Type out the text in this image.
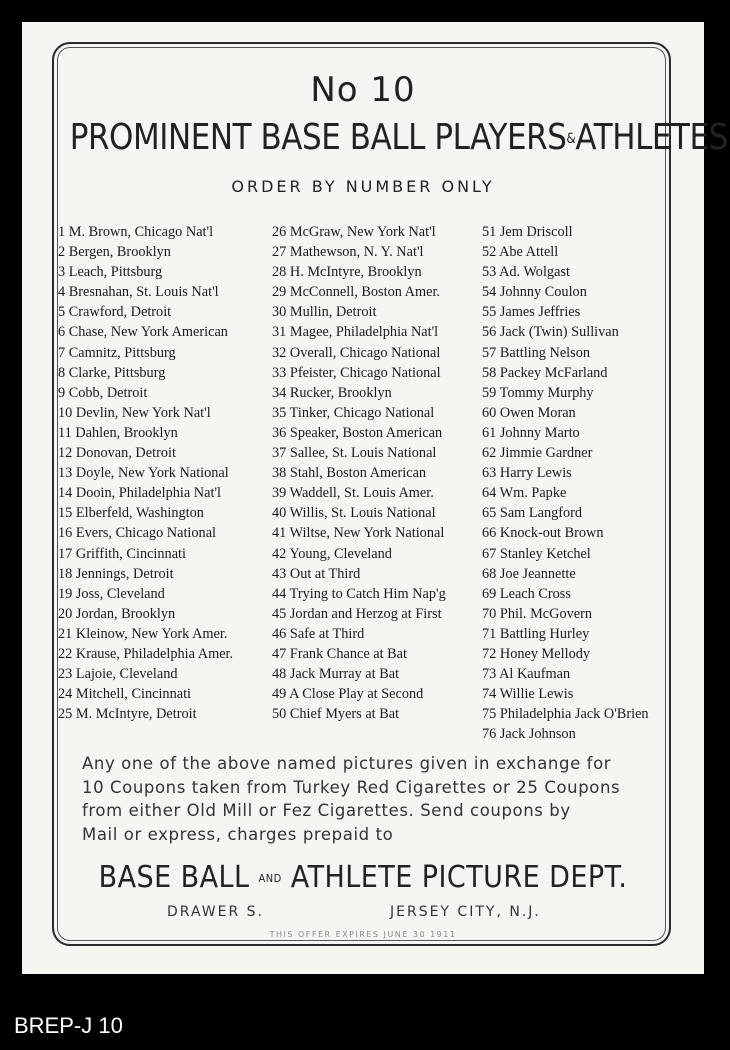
No 10
PROMINENT BASE BALL PLAYERS&ATHLETES
ORDER BY NUMBER ONLY
1 M. Brown, Chicago Nat'l
2 Bergen, Brooklyn
3 Leach, Pittsburg
4 Bresnahan, St. Louis Nat'l
5 Crawford, Detroit
6 Chase, New York American
7 Camnitz, Pittsburg
8 Clarke, Pittsburg
9 Cobb, Detroit
10 Devlin, New York Nat'l
11 Dahlen, Brooklyn
12 Donovan, Detroit
13 Doyle, New York National
14 Dooin, Philadelphia Nat'l
15 Elberfeld, Washington
16 Evers, Chicago National
17 Griffith, Cincinnati
18 Jennings, Detroit
19 Joss, Cleveland
20 Jordan, Brooklyn
21 Kleinow, New York Amer.
22 Krause, Philadelphia Amer.
23 Lajoie, Cleveland
24 Mitchell, Cincinnati
25 M. McIntyre, Detroit
26 McGraw, New York Nat'l
27 Mathewson, N. Y. Nat'l
28 H. McIntyre, Brooklyn
29 McConnell, Boston Amer.
30 Mullin, Detroit
31 Magee, Philadelphia Nat'l
32 Overall, Chicago National
33 Pfeister, Chicago National
34 Rucker, Brooklyn
35 Tinker, Chicago National
36 Speaker, Boston American
37 Sallee, St. Louis National
38 Stahl, Boston American
39 Waddell, St. Louis Amer.
40 Willis, St. Louis National
41 Wiltse, New York National
42 Young, Cleveland
43 Out at Third
44 Trying to Catch Him Nap'g
45 Jordan and Herzog at First
46 Safe at Third
47 Frank Chance at Bat
48 Jack Murray at Bat
49 A Close Play at Second
50 Chief Myers at Bat
51 Jem Driscoll
52 Abe Attell
53 Ad. Wolgast
54 Johnny Coulon
55 James Jeffries
56 Jack (Twin) Sullivan
57 Battling Nelson
58 Packey McFarland
59 Tommy Murphy
60 Owen Moran
61 Johnny Marto
62 Jimmie Gardner
63 Harry Lewis
64 Wm. Papke
65 Sam Langford
66 Knock-out Brown
67 Stanley Ketchel
68 Joe Jeannette
69 Leach Cross
70 Phil. McGovern
71 Battling Hurley
72 Honey Mellody
73 Al Kaufman
74 Willie Lewis
75 Philadelphia Jack O'Brien
76 Jack Johnson
Any one of the above named pictures given in exchange for
10 Coupons taken from Turkey Red Cigarettes or 25 Coupons
from either Old Mill or Fez Cigarettes. Send coupons by
Mail or express, charges prepaid to
BASE BALL AND ATHLETE PICTURE DEPT.
DRAWER S.	JERSEY CITY, N.J.
THIS OFFER EXPIRES JUNE 30 1911
BREP-J 10
